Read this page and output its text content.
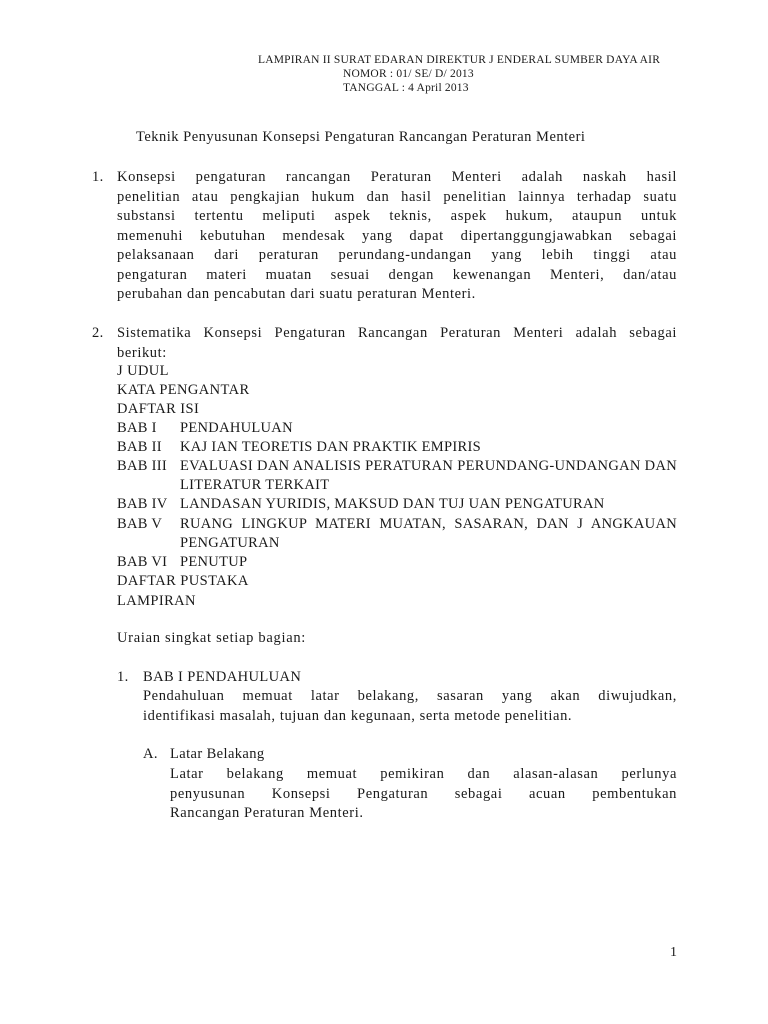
LAMPIRAN II SURAT EDARAN DIREKTUR J ENDERAL SUMBER DAYA AIR
NOMOR : 01/ SE/ D/ 2013
TANGGAL : 4 April 2013
Teknik Penyusunan Konsepsi Pengaturan Rancangan Peraturan Menteri
1. Konsepsi pengaturan rancangan Peraturan Menteri adalah naskah hasil
penelitian atau pengkajian hukum dan hasil penelitian lainnya terhadap suatu
substansi tertentu meliputi aspek teknis, aspek hukum, ataupun untuk
memenuhi kebutuhan mendesak yang dapat dipertanggungjawabkan sebagai
pelaksanaan dari peraturan perundang-undangan yang lebih tinggi atau
pengaturan materi muatan sesuai dengan kewenangan Menteri, dan/atau
perubahan dan pencabutan dari suatu peraturan Menteri.
2. Sistematika Konsepsi Pengaturan Rancangan Peraturan Menteri adalah sebagai
berikut:
J UDUL
KATA PENGANTAR
DAFTAR ISI
BAB I PENDAHULUAN
BAB II KAJ IAN TEORETIS DAN PRAKTIK EMPIRIS
BAB III EVALUASI DAN ANALISIS PERATURAN PERUNDANG-UNDANGAN DAN
LITERATUR TERKAIT
BAB IV LANDASAN YURIDIS, MAKSUD DAN TUJ UAN PENGATURAN
BAB V RUANG LINGKUP MATERI MUATAN, SASARAN, DAN J ANGKAUAN
PENGATURAN
BAB VI PENUTUP
DAFTAR PUSTAKA
LAMPIRAN
Uraian singkat setiap bagian:
1. BAB I PENDAHULUAN
Pendahuluan memuat latar belakang, sasaran yang akan diwujudkan,
identifikasi masalah, tujuan dan kegunaan, serta metode penelitian.
A. Latar Belakang
Latar belakang memuat pemikiran dan alasan-alasan perlunya
penyusunan Konsepsi Pengaturan sebagai acuan pembentukan
Rancangan Peraturan Menteri.
1
